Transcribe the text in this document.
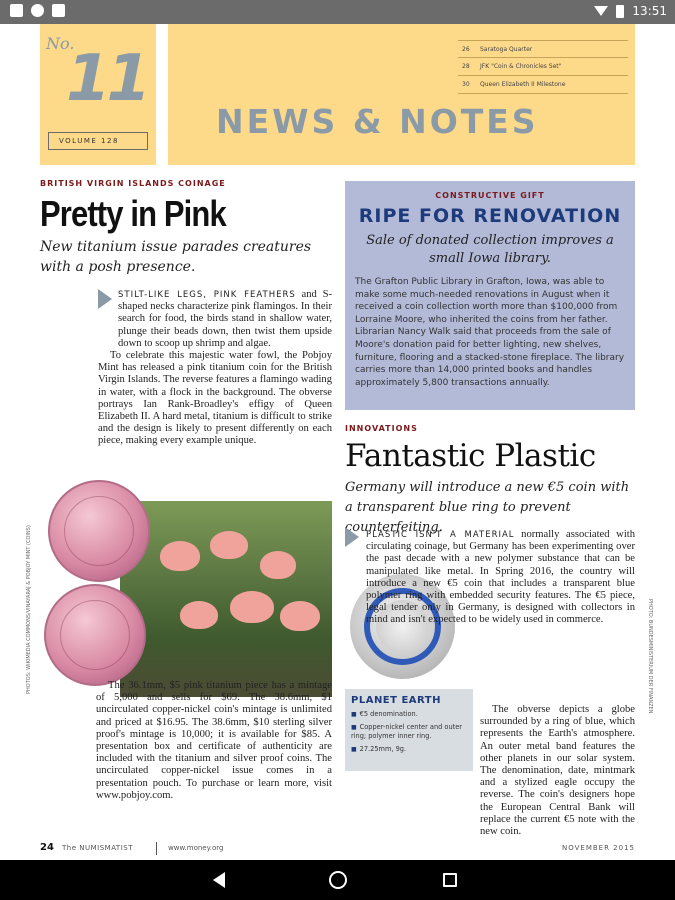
13:51
No.
11
VOLUME 128
26	Saratoga Quarter
28	JFK "Coin & Chronicles Set"
30	Queen Elizabeth II Milestone
NEWS & NOTES
BRITISH VIRGIN ISLANDS COINAGE
Pretty in Pink
New titanium issue parades creatures with a posh presence.

STILT-LIKE LEGS, PINK FEATHERS and S-shaped necks characterize pink flamingos. In their search for food, the birds stand in shallow water, plunge their beads down, then twist them upside down to scoop up shrimp and algae.

To celebrate this majestic water fowl, the Pobjoy Mint has released a pink titanium coin for the British Virgin Islands. The reverse features a flamingo wading in water, with a flock in the background. The obverse portrays Ian Rank-Broadley's effigy of Queen Elizabeth II. A hard metal, titanium is difficult to strike and the design is likely to present differently on each piece, making every example unique.

PHOTOS: WIKIMEDIA COMMONS/VINAYARAJ & POBJOY MINT (COINS)	The 36.1mm, $5 pink titanium piece has a mintage of 5,000 and sells for $69. The 38.6mm, $1 uncirculated copper-nickel coin's mintage is unlimited and priced at $16.95. The 38.6mm, $10 sterling silver proof's mintage is 10,000; it is available for $85. A presentation box and certificate of authenticity are included with the titanium and silver proof coins. The uncirculated copper-nickel issue comes in a presentation pouch. To purchase or learn more, visit www.pobjoy.com.

CONSTRUCTIVE GIFT
RIPE FOR RENOVATION
Sale of donated collection improves a small Iowa library.
The Grafton Public Library in Grafton, Iowa, was able to make some much-needed renovations in August when it received a coin collection worth more than $100,000 from Lorraine Moore, who inherited the coins from her father. Librarian Nancy Walk said that proceeds from the sale of Moore's donation paid for better lighting, new shelves, furniture, flooring and a stacked-stone fireplace. The library carries more than 14,000 printed books and handles approximately 5,800 transactions annually.
INNOVATIONS
Fantastic Plastic
Germany will introduce a new €5 coin with a transparent blue ring to prevent counterfeiting.

PLASTIC ISN'T A MATERIAL normally associated with circulating coinage, but Germany has been experimenting over the past decade with a new polymer substance that can be manipulated like metal. In Spring 2016, the country will introduce a new €5 coin that includes a transparent blue polymer ring with embedded security features. The €5 piece, legal tender only in Germany, is designed with collectors in mind and isn't expected to be widely used in commerce.

PLANET EARTH
■ €5 denomination.
■ Copper-nickel center and outer ring; polymer inner ring.
■ 27.25mm, 9g.

The obverse depicts a globe surrounded by a ring of blue, which represents the Earth's atmosphere. An outer metal band features the other planets in our solar system. The denomination, date, mintmark and a stylized eagle occupy the reverse. The coin's designers hope the European Central Bank will replace the current €5 note with the new coin.

PHOTO: BUNDESMINISTERIUM DER FINANZEN
24 The NUMISMATIST	www.money.org	NOVEMBER 2015
